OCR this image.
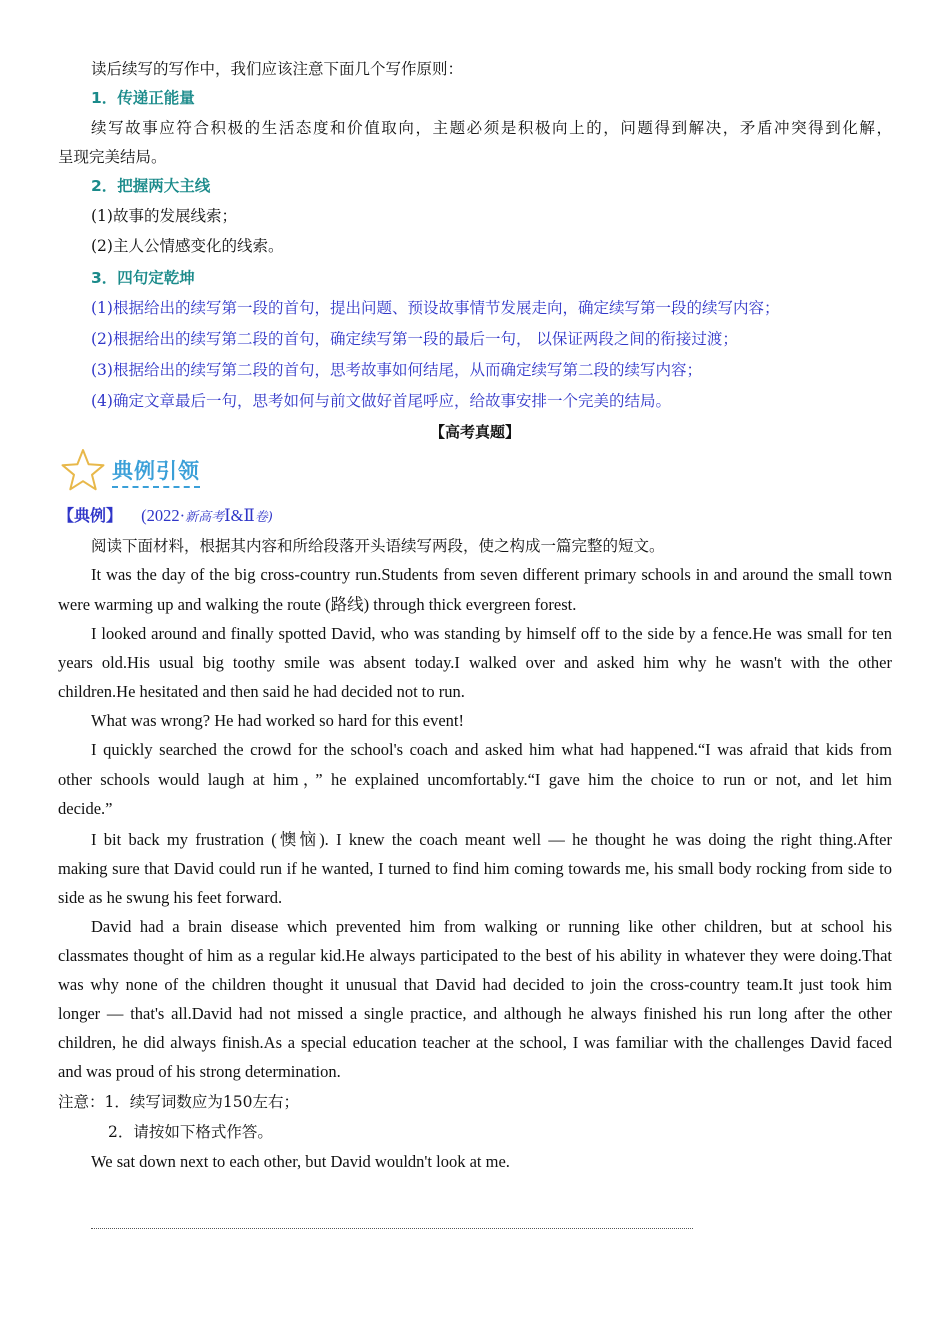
读后续写的写作中，我们应该注意下面几个写作原则：
1．传递正能量
续写故事应符合积极的生活态度和价值取向，主题必须是积极向上的，问题得到解决，矛盾冲突得到化解，
呈现完美结局。
2．把握两大主线
(1)故事的发展线索；
(2)主人公情感变化的线索。
3．四句定乾坤
(1)根据给出的续写第一段的首句，提出问题、预设故事情节发展走向，确定续写第一段的续写内容；
(2)根据给出的续写第二段的首句，确定续写第一段的最后一句， 以保证两段之间的衔接过渡；
(3)根据给出的续写第二段的首句，思考故事如何结尾，从而确定续写第二段的续写内容；
(4)确定文章最后一句，思考如何与前文做好首尾呼应，给故事安排一个完美的结局。
【高考真题】
典例引领
【典例】 (2022·新高考Ⅰ&Ⅱ卷)
阅读下面材料，根据其内容和所给段落开头语续写两段，使之构成一篇完整的短文。
It was the day of the big cross-country run.Students from seven different primary schools in and around the small town
were warming up and walking the route (路线) through thick evergreen forest.
I looked around and finally spotted David, who was standing by himself off to the side by a fence.He was small for ten
years old.His usual big toothy smile was absent today.I walked over and asked him why he wasn't with the other
children.He hesitated and then said he had decided not to run.
What was wrong? He had worked so hard for this event!
I quickly searched the crowd for the school's coach and asked him what had happened.“I was afraid that kids from
other schools would laugh at him，” he explained uncomfortably.“I gave him the choice to run or not, and let him
decide.”
I bit back my frustration (懊恼). I knew the coach meant well — he thought he was doing the right thing.After
making sure that David could run if he wanted, I turned to find him coming towards me, his small body rocking from side to
side as he swung his feet forward.
David had a brain disease which prevented him from walking or running like other children, but at school his
classmates thought of him as a regular kid.He always participated to the best of his ability in whatever they were doing.That
was why none of the children thought it unusual that David had decided to join the cross-country team.It just took him
longer — that's all.David had not missed a single practice, and although he always finished his run long after the other
children, he did always finish.As a special education teacher at the school, I was familiar with the challenges David faced
and was proud of his strong determination.
注意：1．续写词数应为150左右；
2．请按如下格式作答。
We sat down next to each other, but David wouldn't look at me.
